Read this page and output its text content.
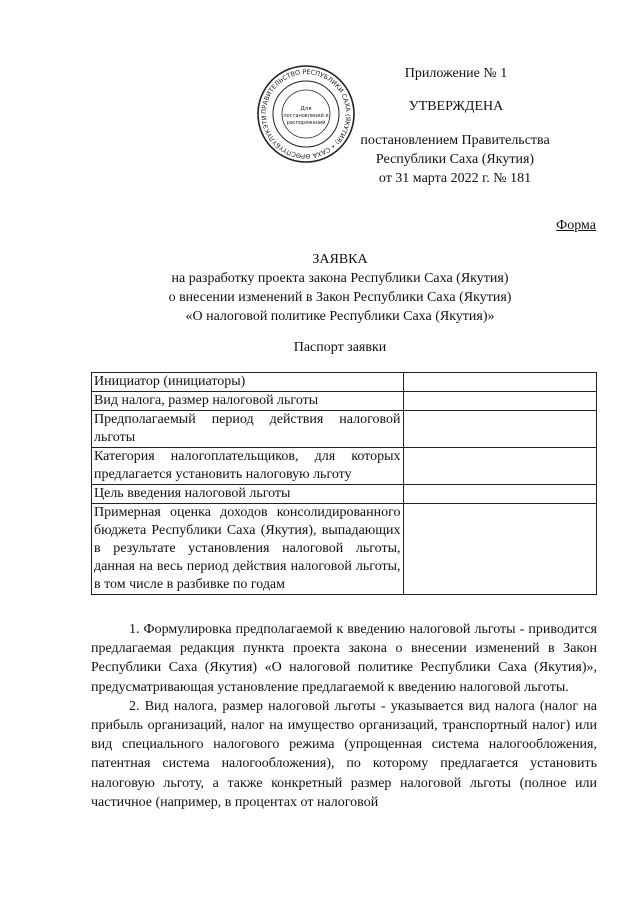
ПРАВИТЕЛЬСТВО РЕСПУБЛИКИ САХА (ЯКУТИЯ) • САХА ӨРӨСПҮҮБҮЛҮКЭТИ
Для
постановлений и
распоряжений
Приложение № 1
УТВЕРЖДЕНА
постановлением Правительства
Республики Саха (Якутия)
от 31 марта 2022 г. № 181
Форма
ЗАЯВКА
на разработку проекта закона Республики Саха (Якутия)
о внесении изменений в Закон Республики Саха (Якутия)
«О налоговой политике Республики Саха (Якутия)»
Паспорт заявки
Инициатор (инициаторы)	
Вид налога, размер налоговой льготы	
Предполагаемый период действия налоговой льготы	
Категория налогоплательщиков, для которых предлагается установить налоговую льготу	
Цель введения налоговой льготы	
Примерная оценка доходов консолидированного бюджета Республики Саха (Якутия), выпадающих в результате установления налоговой льготы, данная на весь период действия налоговой льготы, в том числе в разбивке по годам	

1. Формулировка предполагаемой к введению налоговой льготы - приводится предлагаемая редакция пункта проекта закона о внесении изменений в Закон Республики Саха (Якутия) «О налоговой политике Республики Саха (Якутия)», предусматривающая установление предлагаемой к введению налоговой льготы.

2. Вид налога, размер налоговой льготы - указывается вид налога (налог на прибыль организаций, налог на имущество организаций, транспортный налог) или вид специального налогового режима (упрощенная система налогообложения, патентная система налогообложения), по которому предлагается установить налоговую льготу, а также конкретный размер налоговой льготы (полное или частичное (например, в процентах от налоговой
